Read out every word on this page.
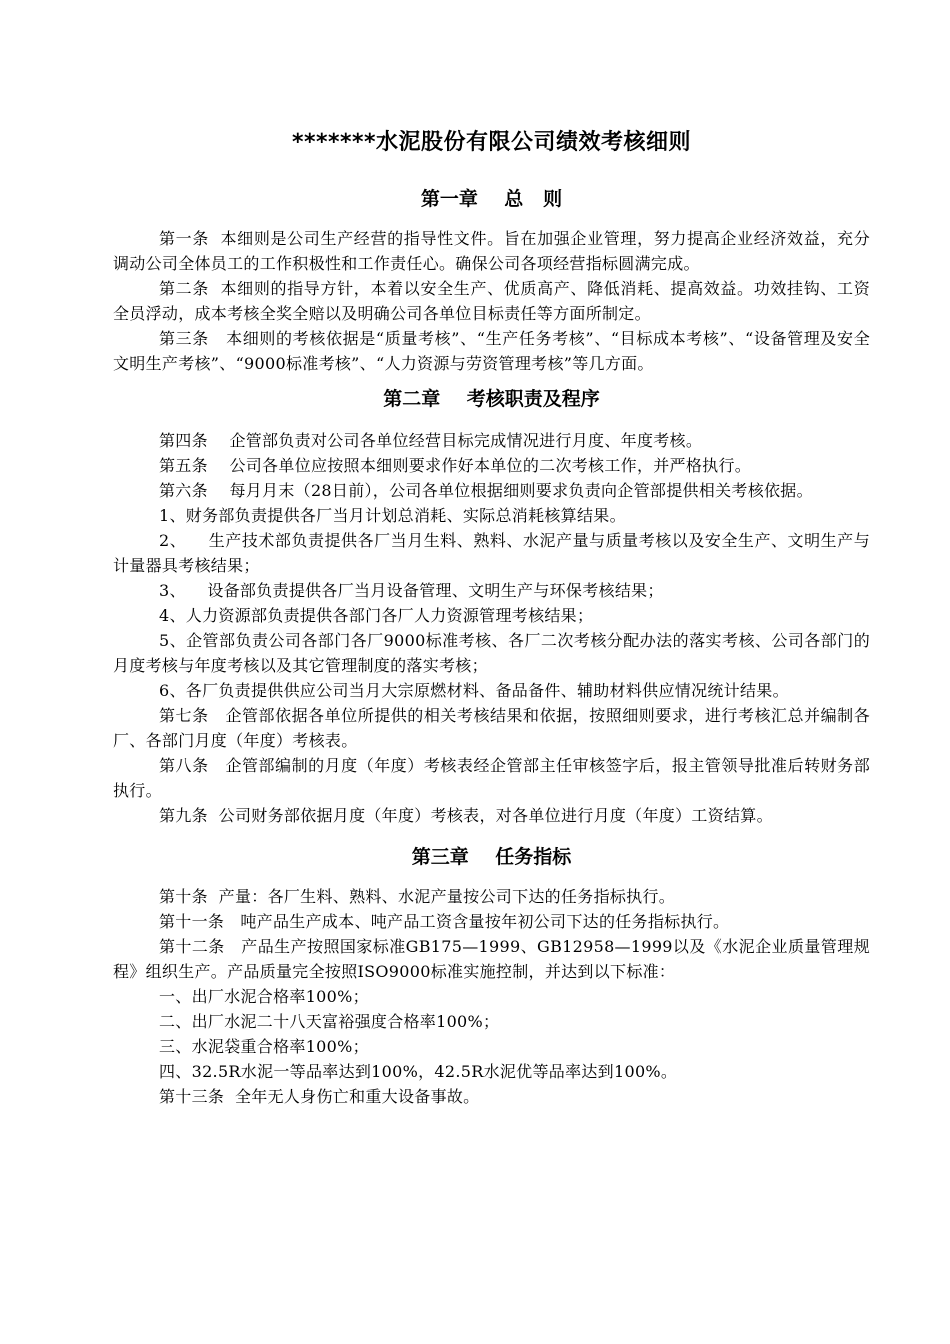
*******水泥股份有限公司绩效考核细则
第一章    总   则

第一条  本细则是公司生产经营的指导性文件。旨在加强企业管理，努力提高企业经济效益，充分调动公司全体员工的工作积极性和工作责任心。确保公司各项经营指标圆满完成。

第二条  本细则的指导方针，本着以安全生产、优质高产、降低消耗、提高效益。功效挂钩、工资全员浮动，成本考核全奖全赔以及明确公司各单位目标责任等方面所制定。

第三条   本细则的考核依据是“质量考核”、“生产任务考核”、“目标成本考核”、“设备管理及安全文明生产考核”、“9000标准考核”、“人力资源与劳资管理考核”等几方面。

第二章    考核职责及程序

第四条    企管部负责对公司各单位经营目标完成情况进行月度、年度考核。

第五条    公司各单位应按照本细则要求作好本单位的二次考核工作，并严格执行。

第六条    每月月末（28日前），公司各单位根据细则要求负责向企管部提供相关考核依据。

1、财务部负责提供各厂当月计划总消耗、实际总消耗核算结果。

2、    生产技术部负责提供各厂当月生料、熟料、水泥产量与质量考核以及安全生产、文明生产与计量器具考核结果；

3、    设备部负责提供各厂当月设备管理、文明生产与环保考核结果；

4、人力资源部负责提供各部门各厂人力资源管理考核结果；

5、企管部负责公司各部门各厂9000标准考核、各厂二次考核分配办法的落实考核、公司各部门的月度考核与年度考核以及其它管理制度的落实考核；

6、各厂负责提供供应公司当月大宗原燃材料、备品备件、辅助材料供应情况统计结果。

第七条   企管部依据各单位所提供的相关考核结果和依据，按照细则要求，进行考核汇总并编制各厂、各部门月度（年度）考核表。

第八条   企管部编制的月度（年度）考核表经企管部主任审核签字后，报主管领导批准后转财务部执行。

第九条  公司财务部依据月度（年度）考核表，对各单位进行月度（年度）工资结算。

第三章    任务指标

第十条  产量：各厂生料、熟料、水泥产量按公司下达的任务指标执行。

第十一条   吨产品生产成本、吨产品工资含量按年初公司下达的任务指标执行。

第十二条   产品生产按照国家标准GB175—1999、GB12958—1999以及《水泥企业质量管理规程》组织生产。产品质量完全按照ISO9000标准实施控制，并达到以下标准：

一、出厂水泥合格率100%；

二、出厂水泥二十八天富裕强度合格率100%；

三、水泥袋重合格率100%；

四、32.5R水泥一等品率达到100%，42.5R水泥优等品率达到100%。

第十三条  全年无人身伤亡和重大设备事故。
